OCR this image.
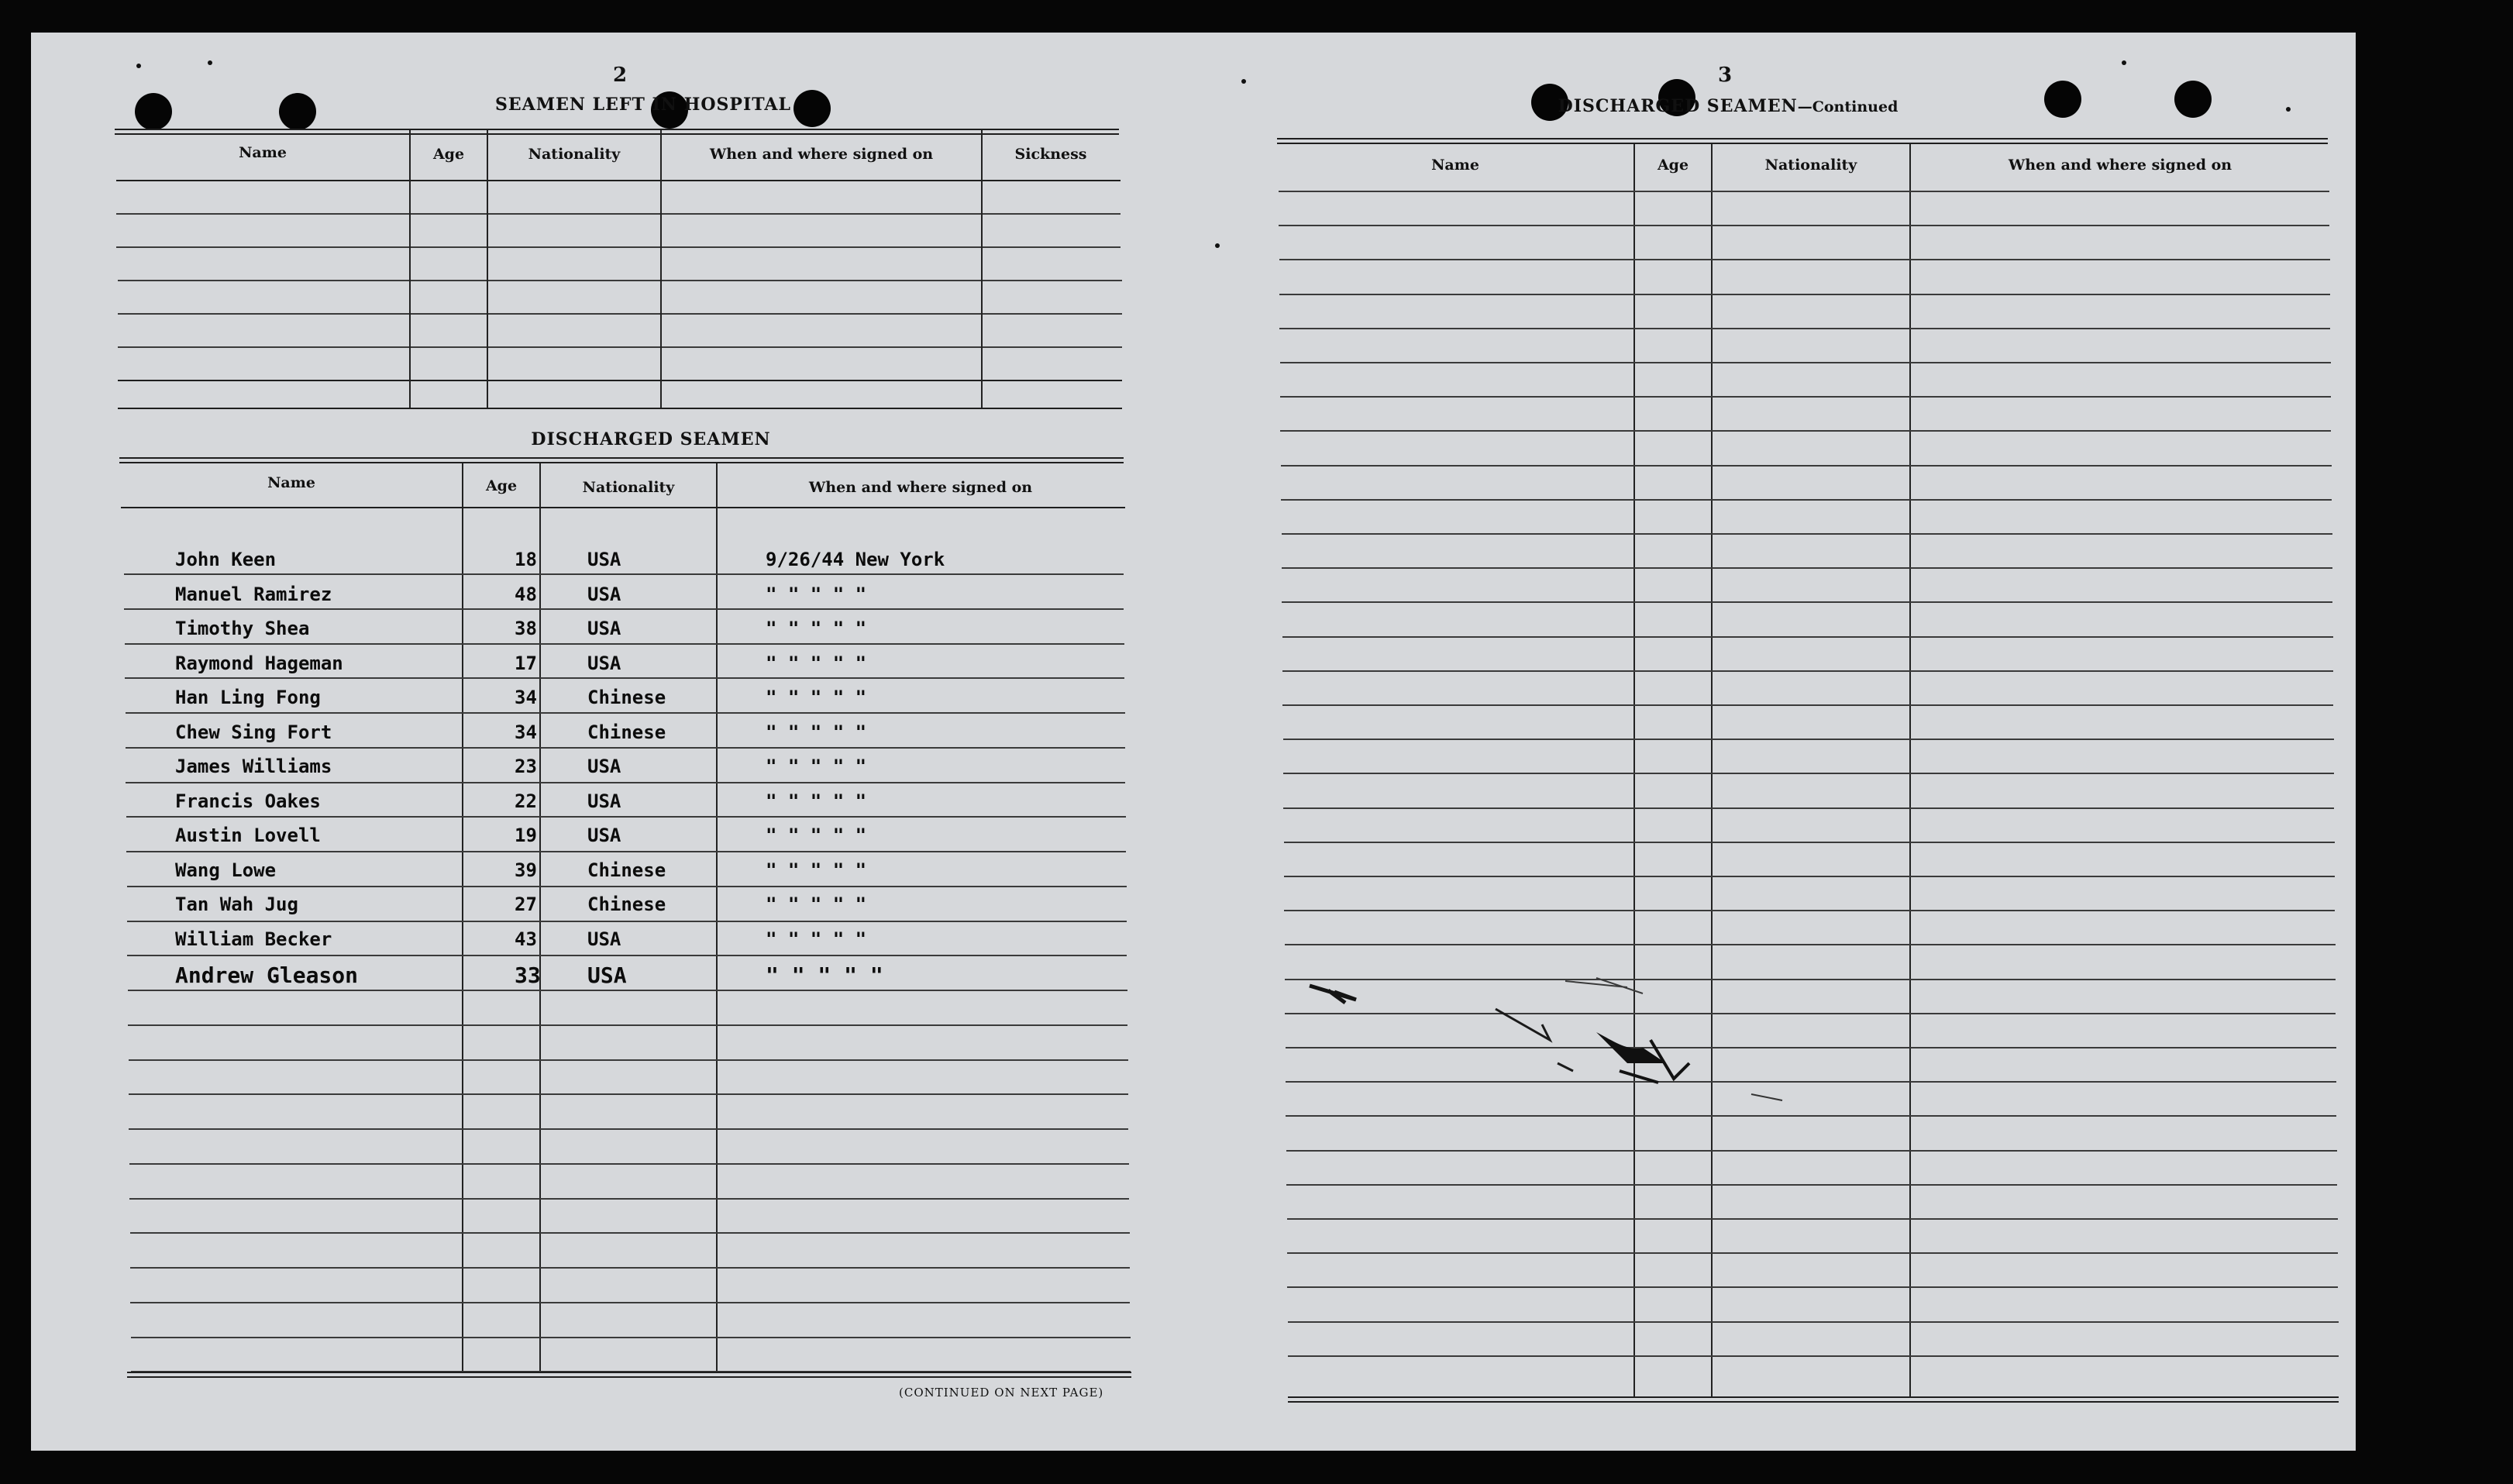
2
SEAMEN LEFT IN HOSPITAL
Name	Age	Nationality	When and where signed on	Sickness
DISCHARGED SEAMEN
Name	Age	Nationality	When and where signed on
John Keen	18	USA	9/26/44 New York
Manuel Ramirez	48	USA	" " " " "
Timothy Shea	38	USA	" " " " "
Raymond Hageman	17	USA	" " " " "
Han Ling Fong	34	Chinese	" " " " "
Chew Sing Fort	34	Chinese	" " " " "
James Williams	23	USA	" " " " "
Francis Oakes	22	USA	" " " " "
Austin Lovell	19	USA	" " " " "
Wang Lowe	39	Chinese	" " " " "
Tan Wah Jug	27	Chinese	" " " " "
William Becker	43	USA	" " " " "
Andrew Gleason	33 USA	" " " " "
(CONTINUED ON NEXT PAGE)
3
DISCHARGED SEAMEN—Continued
Name	Age	Nationality	When and where signed on
